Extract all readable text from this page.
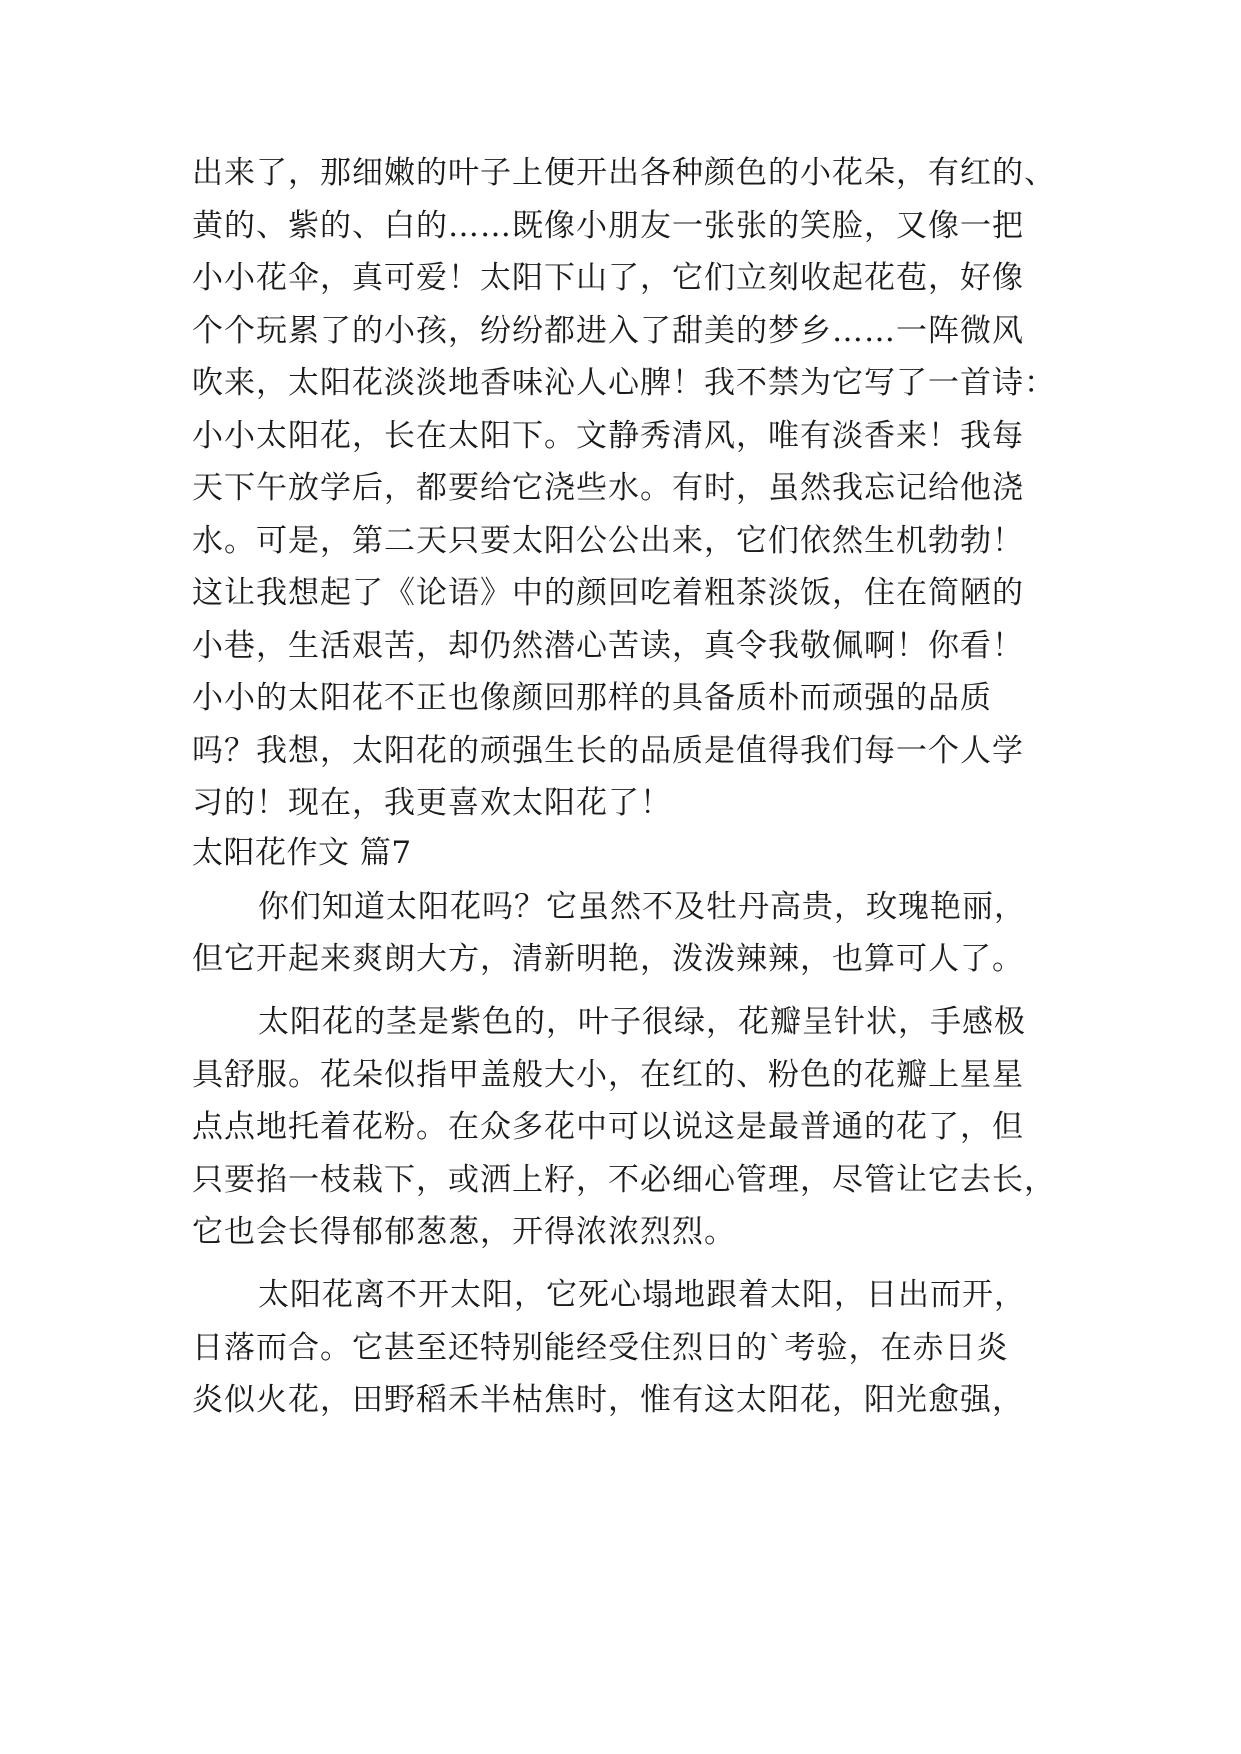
出来了，那细嫩的叶子上便开出各种颜色的小花朵，有红的、
黄的、紫的、白的……既像小朋友一张张的笑脸，又像一把
小小花伞，真可爱！太阳下山了，它们立刻收起花苞，好像
个个玩累了的小孩，纷纷都进入了甜美的梦乡……一阵微风
吹来，太阳花淡淡地香味沁人心脾！我不禁为它写了一首诗：
小小太阳花，长在太阳下。文静秀清风，唯有淡香来！我每
天下午放学后，都要给它浇些水。有时，虽然我忘记给他浇
水。可是，第二天只要太阳公公出来，它们依然生机勃勃！
这让我想起了《论语》中的颜回吃着粗茶淡饭，住在简陋的
小巷，生活艰苦，却仍然潜心苦读，真令我敬佩啊！你看！
小小的太阳花不正也像颜回那样的具备质朴而顽强的品质
吗？我想，太阳花的顽强生长的品质是值得我们每一个人学
习的！现在，我更喜欢太阳花了！
太阳花作文 篇7
你们知道太阳花吗？它虽然不及牡丹高贵，玫瑰艳丽，
但它开起来爽朗大方，清新明艳，泼泼辣辣，也算可人了。
太阳花的茎是紫色的，叶子很绿，花瓣呈针状，手感极
具舒服。花朵似指甲盖般大小，在红的、粉色的花瓣上星星
点点地托着花粉。在众多花中可以说这是最普通的花了，但
只要掐一枝栽下，或洒上籽，不必细心管理，尽管让它去长，
它也会长得郁郁葱葱，开得浓浓烈烈。
太阳花离不开太阳，它死心塌地跟着太阳，日出而开，
日落而合。它甚至还特别能经受住烈日的`考验，在赤日炎
炎似火花，田野稻禾半枯焦时，惟有这太阳花，阳光愈强，
